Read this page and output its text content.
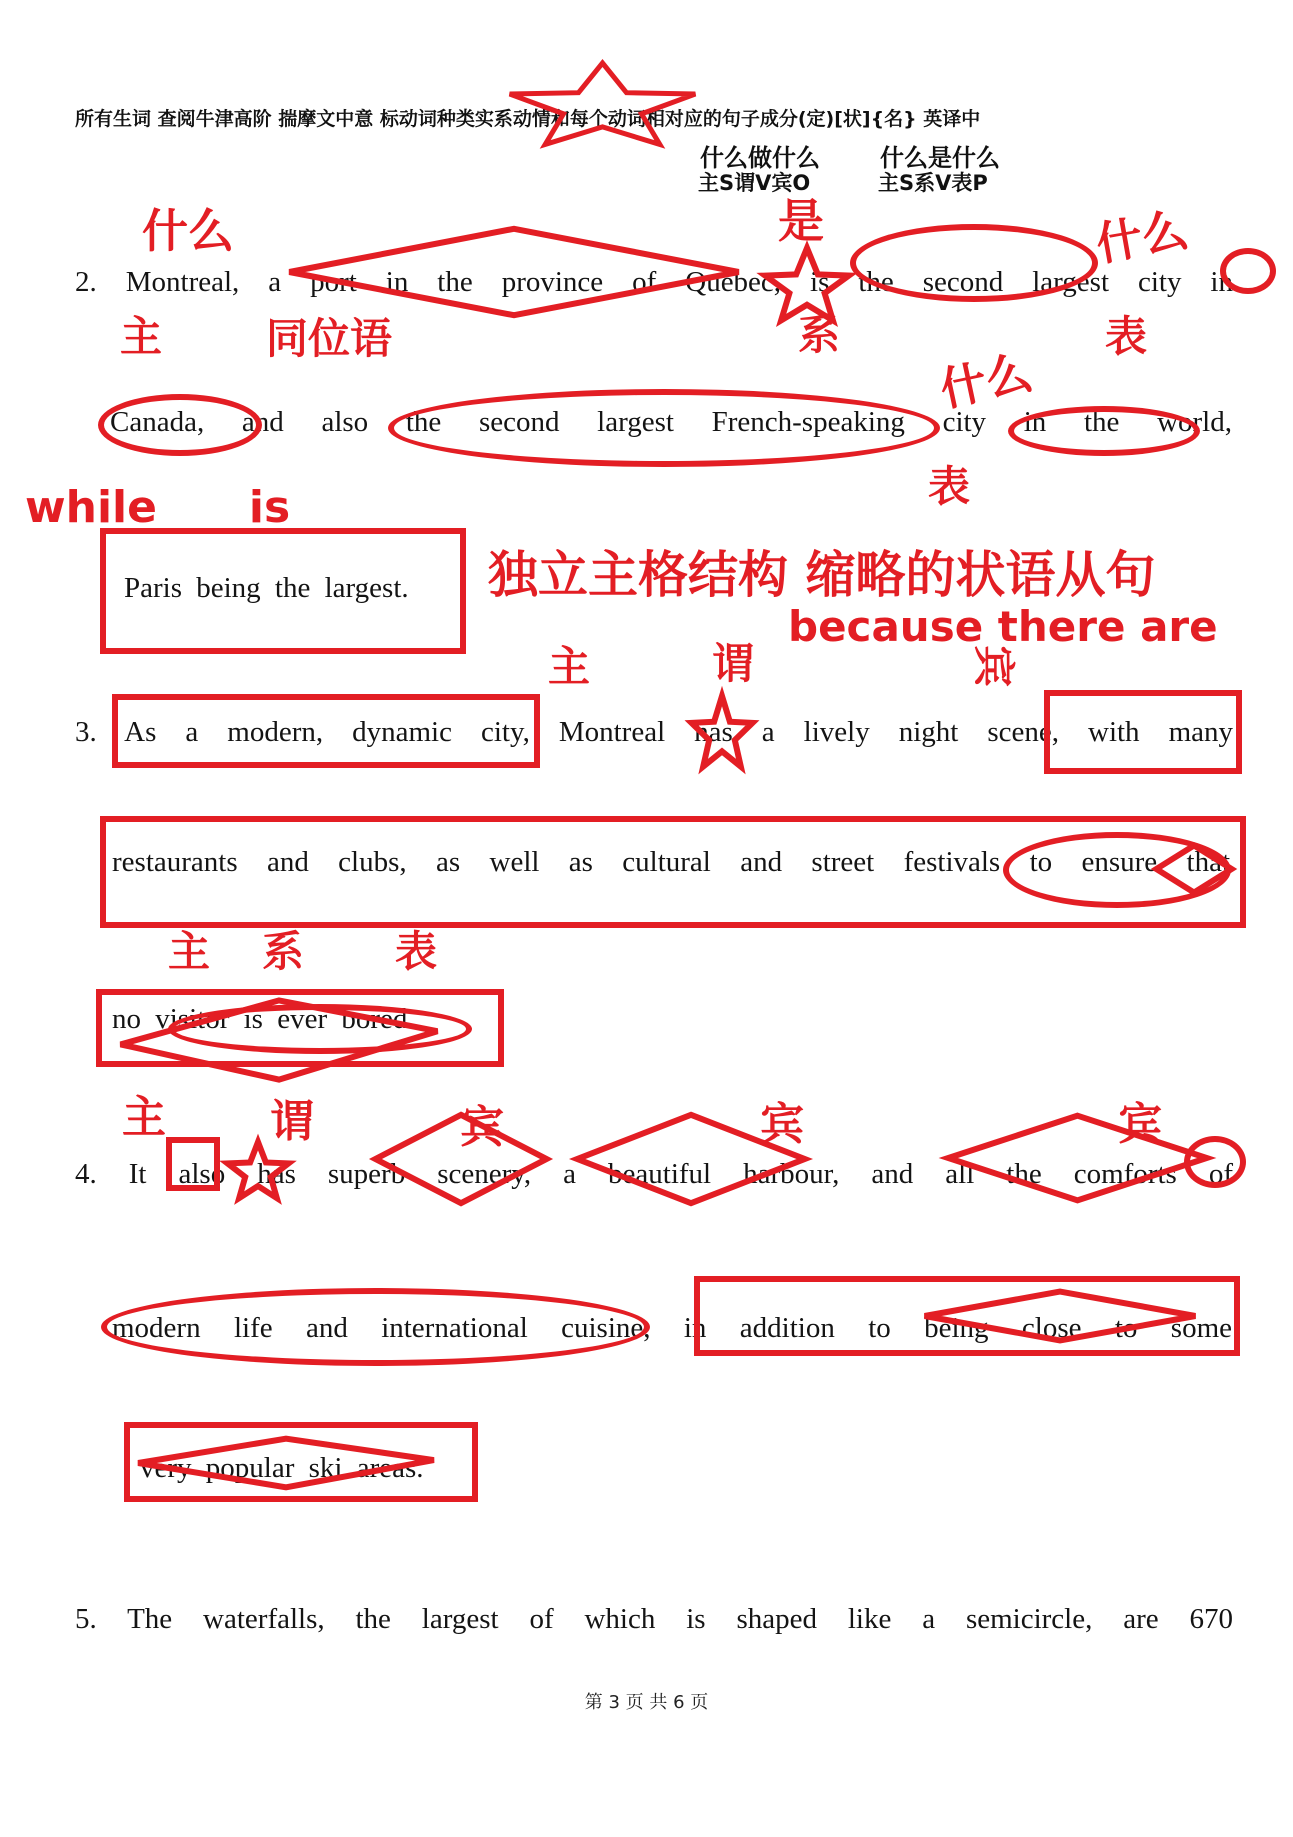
所有生词 查阅牛津高阶 揣摩文中意 标动词种类实系动情和每个动词相对应的句子成分(定)[状]{名} 英译中
什么做什么	什么是什么
主S谓V宾O	主S系V表P
2. Montreal, a port in the province of Quebec, is the second largest city in
什么	是	什么
主 同位语	系	表
Canada, and also the second largest French-speaking city in the world,
什么
表
while      is
Paris being the largest. 独立主格结构 缩略的状语从句
because there are
主	谓	宾
3. As a modern, dynamic city, Montreal has a lively night scene, with many
restaurants and clubs, as well as cultural and street festivals to ensure that
主 系 表
no visitor is ever bored.
主 谓	宾	宾	宾
4. It also has superb scenery, a beautiful harbour, and all the comforts of
modern life and international cuisine, in addition to being close to some
very popular ski areas.
5. The waterfalls, the largest of which is shaped like a semicircle, are 670
第 3 页 共 6 页
